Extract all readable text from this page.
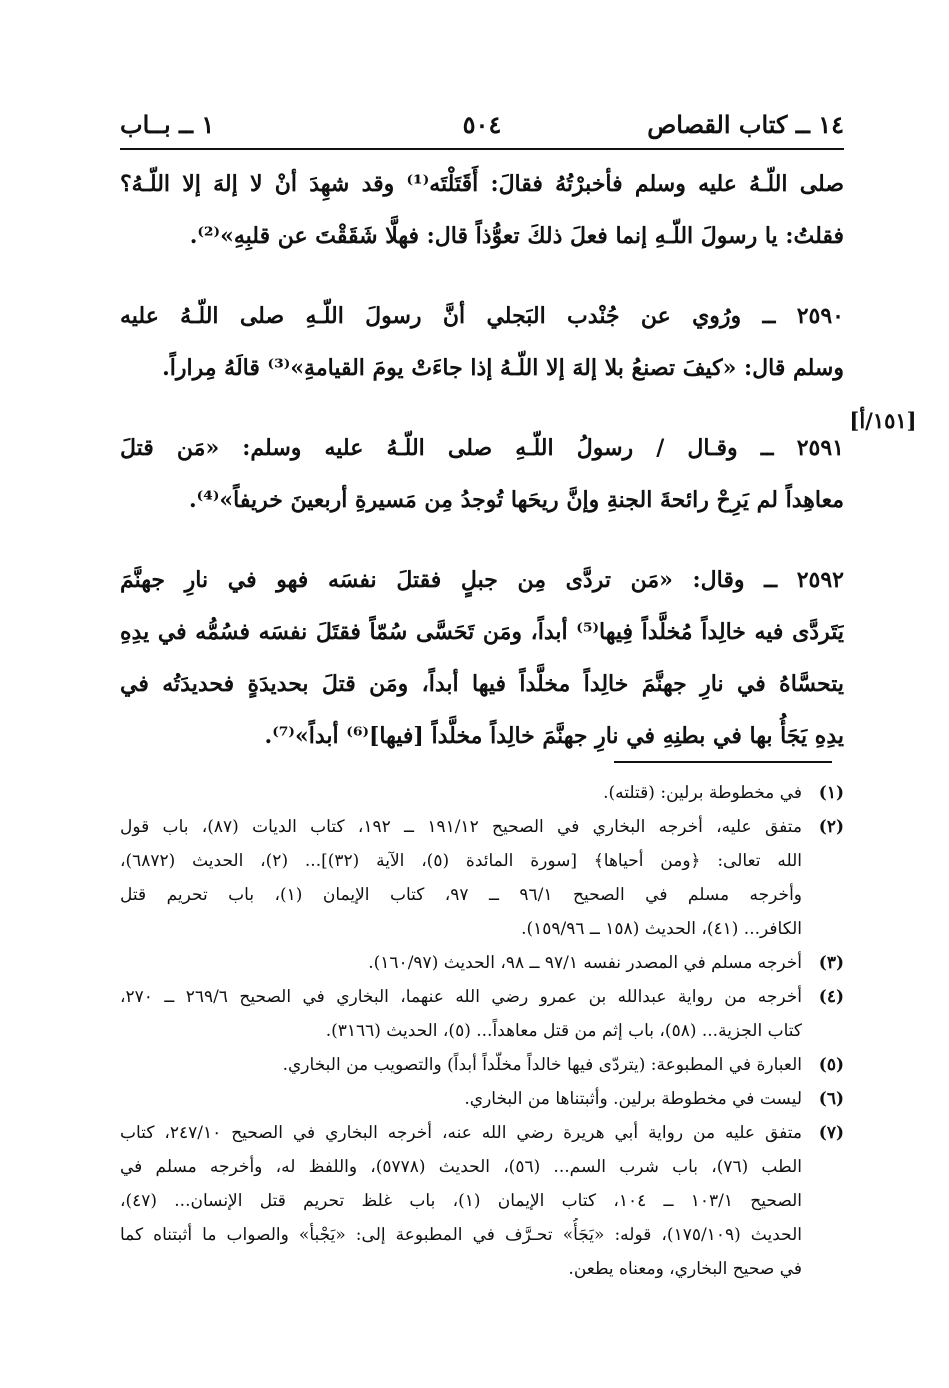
١٤ ــ كتاب القصاص
٥٠٤
١ ــ بــاب
[١٥١/أ]
صلى اللّـهُ عليه وسلم فأخبرْتُهُ فقالَ: أَقَتَلْتَه⁽¹⁾ وقد شهِدَ أنْ لا إلهَ إلا اللّـهُ؟
فقلتُ: يا رسولَ اللّـهِ إنما فعلَ ذلكَ تعوُّذاً قال: فهلَّا شَقَقْتَ عن قلبِهِ»⁽²⁾.
٢٥٩٠ ــ ورُوي عن جُنْدب البَجلي أنَّ رسولَ اللّـهِ صلى اللّـهُ عليه
وسلم قال: «كيفَ تصنعُ بلا إلهَ إلا اللّـهُ إذا جاءَتْ يومَ القيامةِ»⁽³⁾ قالَهُ مِراراً.
٢٥٩١ ــ وقـال / رسولُ اللّـهِ صلى اللّـهُ عليه وسلم: «مَن قتلَ
معاهِداً لم يَرِحْ رائحةَ الجنةِ وإنَّ ريحَها تُوجدُ مِن مَسيرةِ أربعينَ خريفاً»⁽⁴⁾.
٢٥٩٢ ــ وقال: «مَن تردَّى مِن جبلٍ فقتلَ نفسَه فهو في نارِ جهنَّمَ
يَتَردَّى فيه خالِداً مُخلَّداً فِيها⁽⁵⁾ أبداً، ومَن تَحَسَّى سُمّاً فقتَلَ نفسَه فسُمُّه في يدِهِ
يتحسَّاهُ في نارِ جهنَّمَ خالِداً مخلَّداً فيها أبداً، ومَن قتلَ بحديدَةٍ فحديدَتُه في
يدِهِ يَجَأُ بها في بطنِهِ في نارِ جهنَّمَ خالِداً مخلَّداً [فيها]⁽⁶⁾ أبداً»⁽⁷⁾.
(١)
في مخطوطة برلين: (قتلته).
(٢)
متفق عليه، أخرجه البخاري في الصحيح ١٩١/١٢ ــ ١٩٢، كتاب الديات (٨٧)، باب قول
الله تعالى: ﴿ومن أحياها﴾ [سورة المائدة (٥)، الآية (٣٢)]... (٢)، الحديث (٦٨٧٢)،
وأخرجه مسلم في الصحيح ٩٦/١ ــ ٩٧، كتاب الإيمان (١)، باب تحريم قتل
الكافر... (٤١)، الحديث (١٥٨ ــ ١٥٩/٩٦).
(٣)
أخرجه مسلم في المصدر نفسه ٩٧/١ ــ ٩٨، الحديث (١٦٠/٩٧).
(٤)
أخرجه من رواية عبدالله بن عمرو رضي الله عنهما، البخاري في الصحيح ٢٦٩/٦ ــ ٢٧٠،
كتاب الجزية... (٥٨)، باب إثم من قتل معاهداً... (٥)، الحديث (٣١٦٦).
(٥)
العبارة في المطبوعة: (يتردّى فيها خالداً مخلّداً أبداً) والتصويب من البخاري.
(٦)
ليست في مخطوطة برلين. وأثبتناها من البخاري.
(٧)
متفق عليه من رواية أبي هريرة رضي الله عنه، أخرجه البخاري في الصحيح ٢٤٧/١٠، كتاب
الطب (٧٦)، باب شرب السم... (٥٦)، الحديث (٥٧٧٨)، واللفظ له، وأخرجه مسلم في
الصحيح ١٠٣/١ ــ ١٠٤، كتاب الإيمان (١)، باب غلظ تحريم قتل الإنسان... (٤٧)،
الحديث (١٧٥/١٠٩)، قوله: «يَجَأُ» تحـرَّف في المطبوعة إلى: «يَجْبأ» والصواب ما أثبتناه كما
في صحيح البخاري، ومعناه يطعن.
